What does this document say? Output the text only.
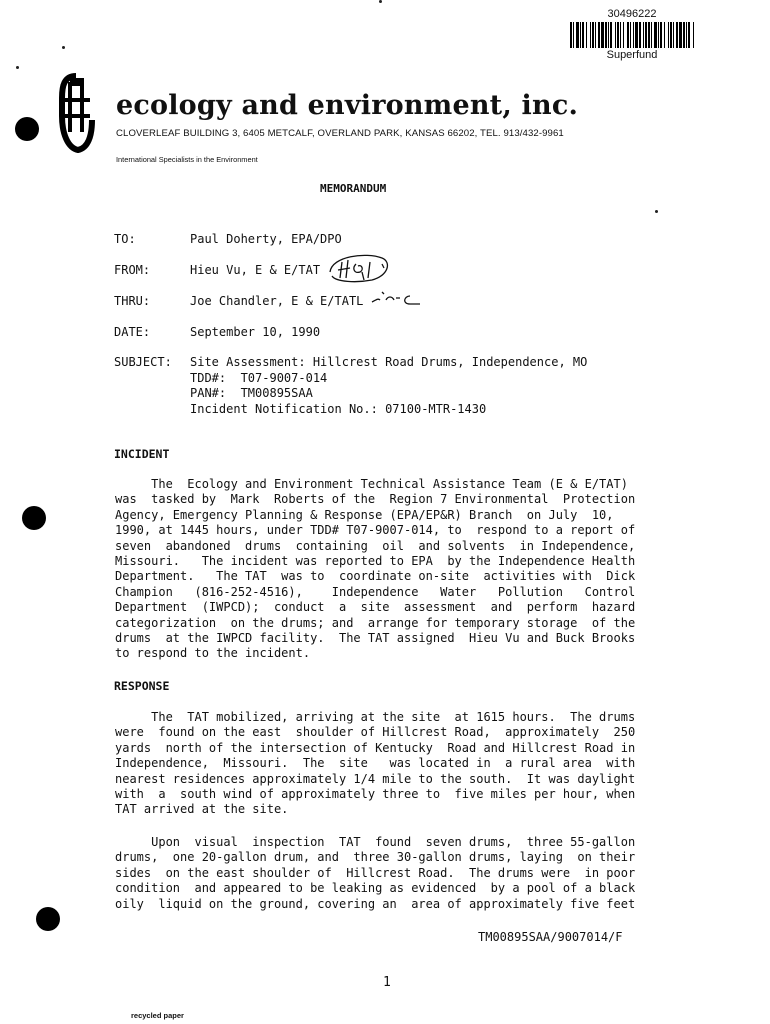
30496222
Superfund
ecology and environment, inc.
CLOVERLEAF BUILDING 3, 6405 METCALF, OVERLAND PARK, KANSAS 66202, TEL. 913/432-9961
International Specialists in the Environment
MEMORANDUM
TO:	Paul Doherty, EPA/DPO
FROM:	Hieu Vu, E & E/TAT
THRU:	Joe Chandler, E & E/TATL
DATE:	September 10, 1990
SUBJECT: Site Assessment: Hillcrest Road Drums, Independence, MO
TDD#:  T07-9007-014
PAN#:  TM00895SAA
Incident Notification No.: 07100-MTR-1430
INCIDENT
The  Ecology and Environment Technical Assistance Team (E & E/TAT)
was  tasked by  Mark  Roberts of the  Region 7 Environmental  Protection
Agency, Emergency Planning & Response (EPA/EP&R) Branch  on July  10,
1990, at 1445 hours, under TDD# T07-9007-014, to  respond to a report of
seven  abandoned  drums  containing  oil  and solvents  in Independence,
Missouri.   The incident was reported to EPA  by the Independence Health
Department.   The TAT  was to  coordinate on-site  activities with  Dick
Champion   (816-252-4516),    Independence   Water   Pollution   Control
Department  (IWPCD);  conduct  a  site  assessment  and  perform  hazard
categorization  on the drums; and  arrange for temporary storage  of the
drums  at the IWPCD facility.  The TAT assigned  Hieu Vu and Buck Brooks
to respond to the incident.
RESPONSE
The  TAT mobilized, arriving at the site  at 1615 hours.  The drums
were  found on the east  shoulder of Hillcrest Road,  approximately  250
yards  north of the intersection of Kentucky  Road and Hillcrest Road in
Independence,  Missouri.  The  site   was located in  a rural area  with
nearest residences approximately 1/4 mile to the south.  It was daylight
with  a  south wind of approximately three to  five miles per hour, when
TAT arrived at the site.
Upon  visual  inspection  TAT  found  seven drums,  three 55-gallon
drums,  one 20-gallon drum, and  three 30-gallon drums, laying  on their
sides  on the east shoulder of  Hillcrest Road.  The drums were  in poor
condition  and appeared to be leaking as evidenced  by a pool of a black
oily  liquid on the ground, covering an  area of approximately five feet
TM00895SAA/9007014/F
1
recycled paper
